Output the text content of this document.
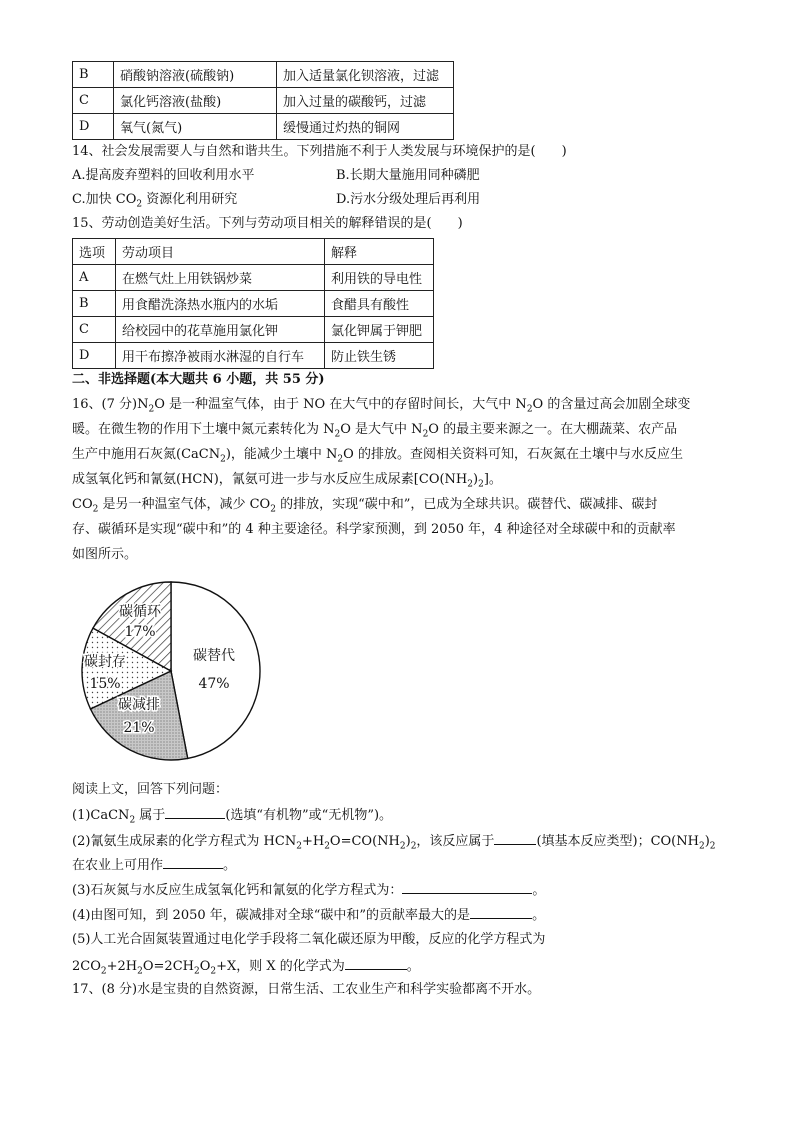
B	硝酸钠溶液(硫酸钠)	加入适量氯化钡溶液，过滤
C	氯化钙溶液(盐酸)	加入过量的碳酸钙，过滤
D	氧气(氮气)	缓慢通过灼热的铜网
14、社会发展需要人与自然和谐共生。下列措施不利于人类发展与环境保护的是(　　)
A.提高废弃塑料的回收利用水平	B.长期大量施用同种磷肥
C.加快 $CO_2$ 资源化利用研究	D.污水分级处理后再利用
15、劳动创造美好生活。下列与劳动项目相关的解释错误的是(　　)
选项	劳动项目	解释
A	在燃气灶上用铁锅炒菜	利用铁的导电性
B	用食醋洗涤热水瓶内的水垢	食醋具有酸性
C	给校园中的花草施用氯化钾	氯化钾属于钾肥
D	用干布擦净被雨水淋湿的自行车	防止铁生锈
二、非选择题(本大题共 6 小题，共 55 分)
16、(7 分)$N_2O$ 是一种温室气体，由于 NO 在大气中的存留时间长，大气中 $N_2O$ 的含量过高会加剧全球变
暖。在微生物的作用下土壤中氮元素转化为 $N_2O$ 是大气中 $N_2O$ 的最主要来源之一。在大棚蔬菜、农产品
生产中施用石灰氮(CaCN$_2$)，能减少土壤中 $N_2O$ 的排放。查阅相关资料可知，石灰氮在土壤中与水反应生
成氢氧化钙和氰氨(HCN)，氰氨可进一步与水反应生成尿素$[CO(NH_2)_2]$。
$CO_2$ 是另一种温室气体，减少 $CO_2$ 的排放，实现“碳中和”，已成为全球共识。碳替代、碳减排、碳封
存、碳循环是实现“碳中和”的 4 种主要途径。科学家预测，到 2050 年，4 种途径对全球碳中和的贡献率
如图所示。
碳替代
47%
碳减排
21%
碳封存
15%
碳循环
17%
阅读上文，回答下列问题：
(1)CaCN$_2$ 属于	(选填“有机物”或“无机物”)。
(2)氰氨生成尿素的化学方程式为 $HCN_2+H_2O=CO(NH_2)_2$，该反应属于	(填基本反应类型)；$CO(NH_2)_2$
在农业上可用作	。
(3)石灰氮与水反应生成氢氧化钙和氰氨的化学方程式为：	。
(4)由图可知，到 2050 年，碳减排对全球“碳中和”的贡献率最大的是	。
(5)人工光合固氮装置通过电化学手段将二氧化碳还原为甲酸，反应的化学方程式为
$2CO_2+2H_2O=2CH_2O_2+X$，则 X 的化学式为	。
17、(8 分)水是宝贵的自然资源，日常生活、工农业生产和科学实验都离不开水。
